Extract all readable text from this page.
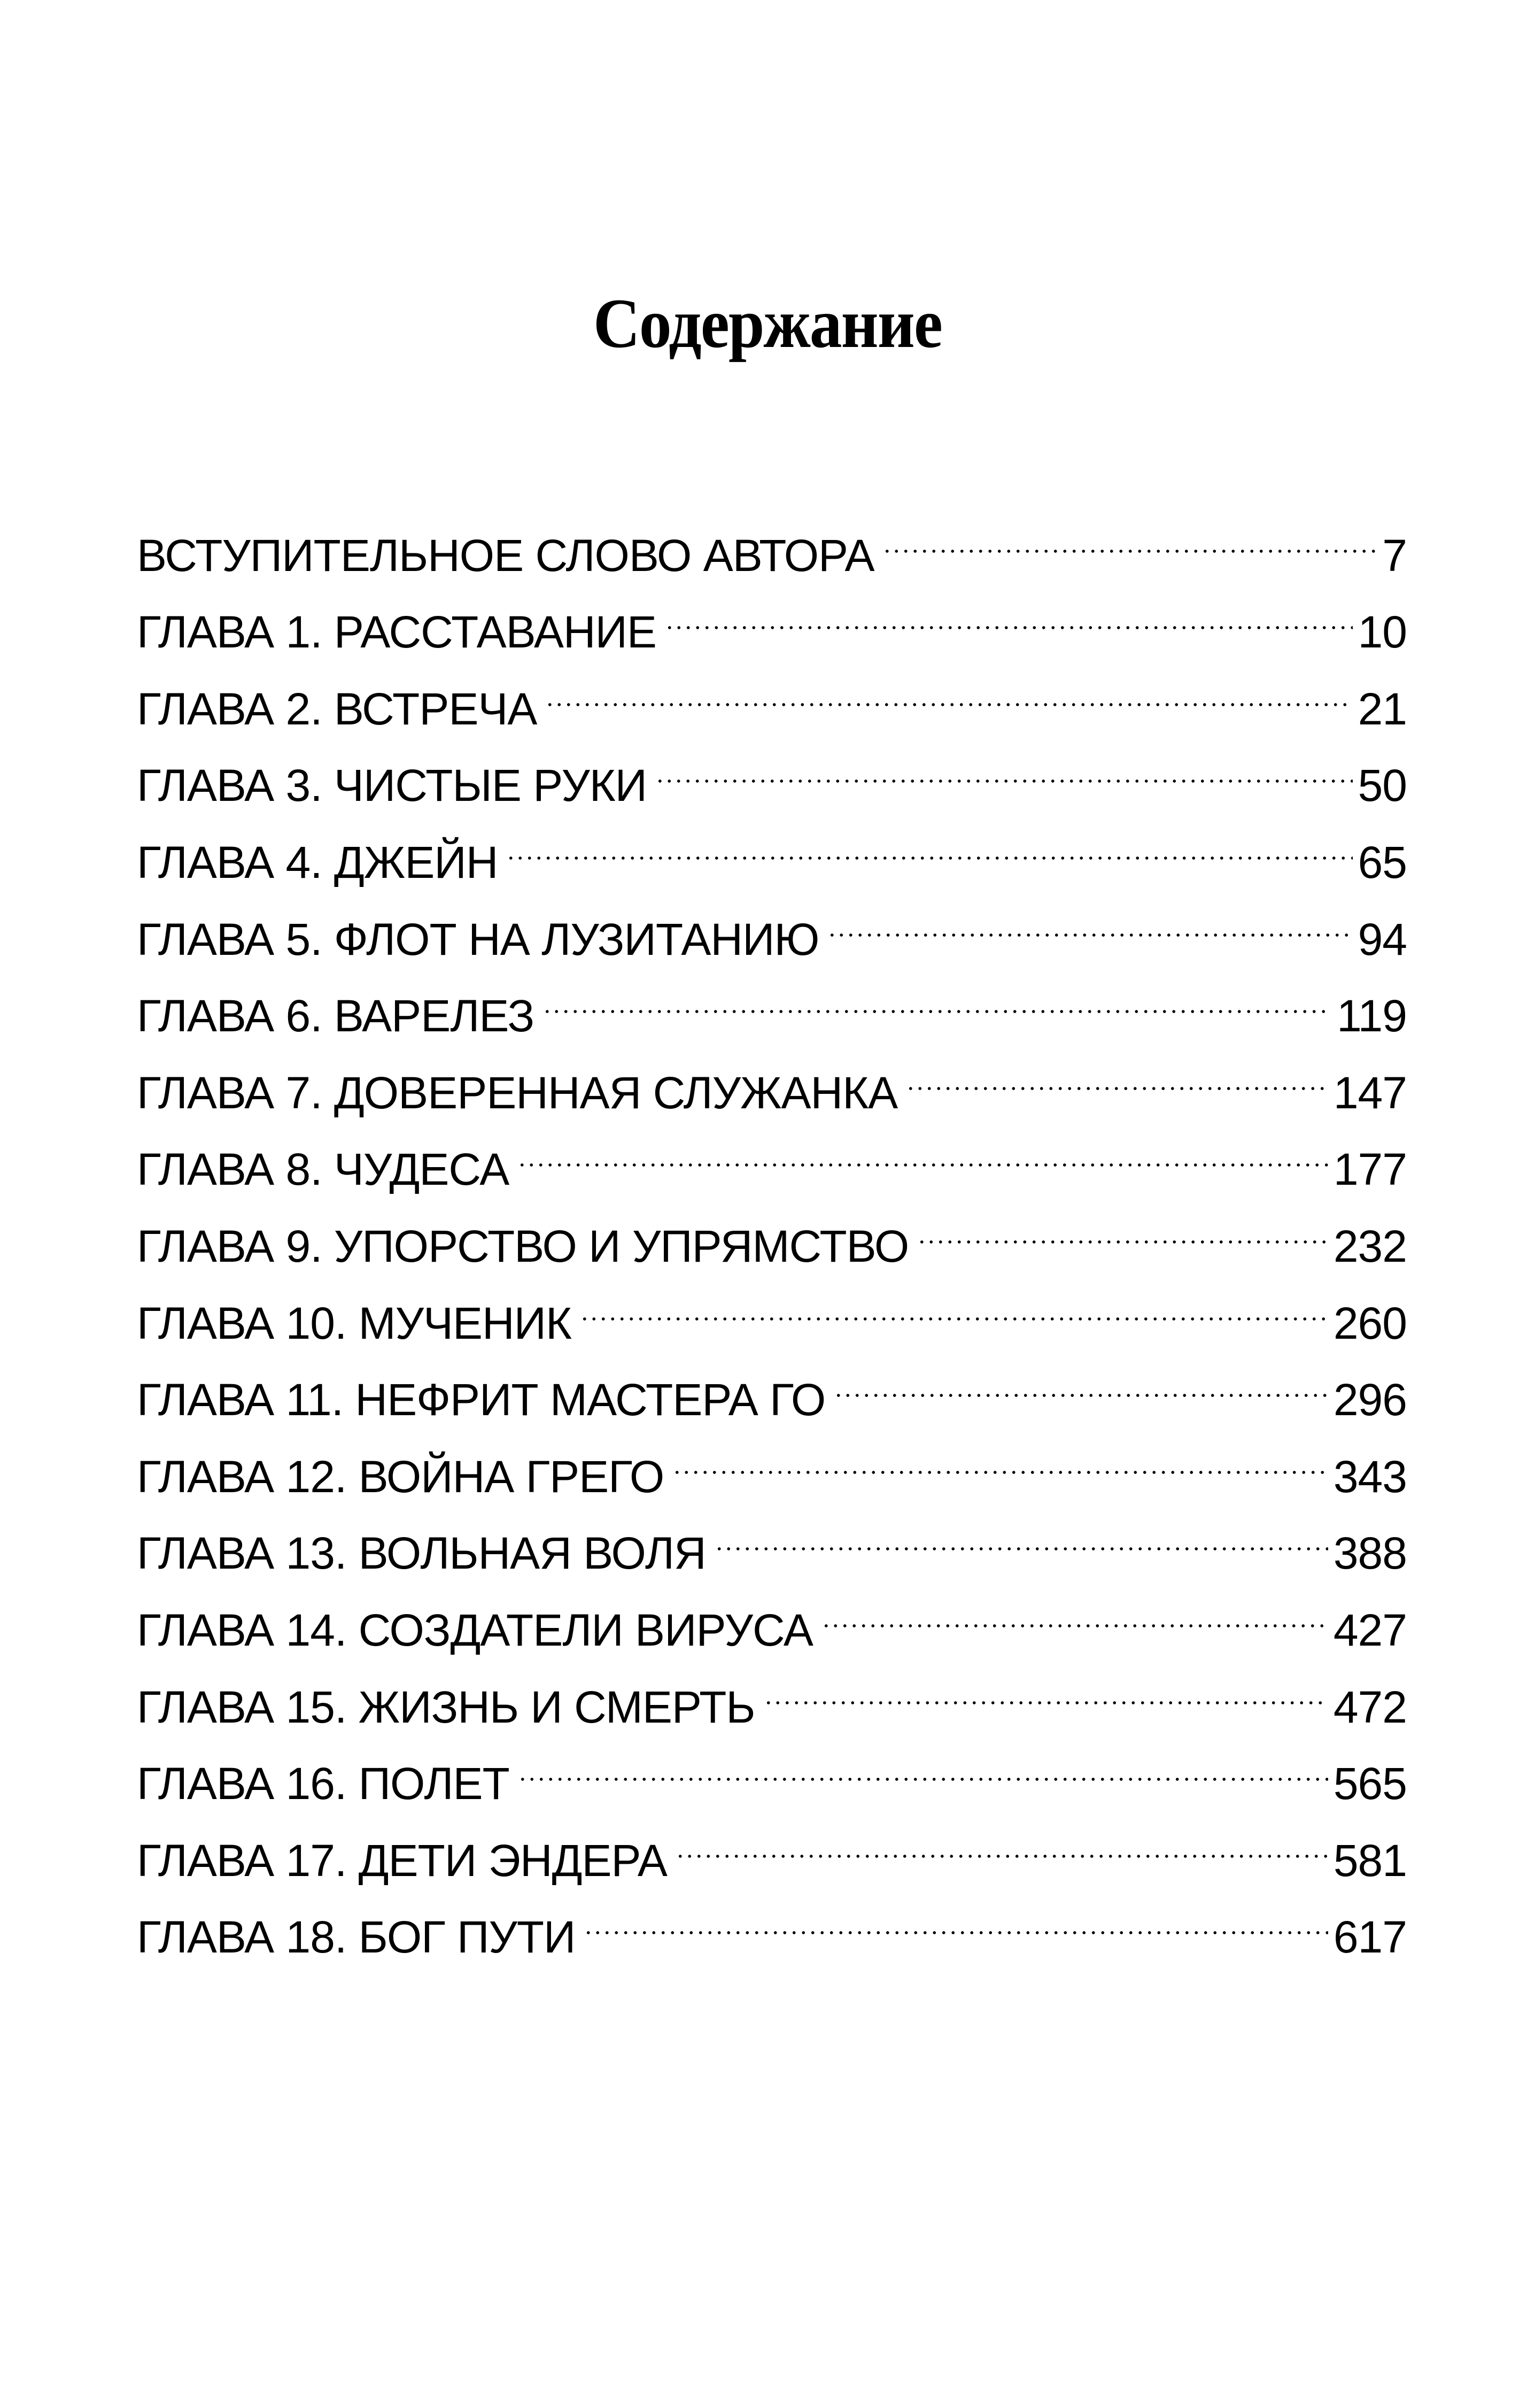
Содержание
ВСТУПИТЕЛЬНОЕ СЛОВО АВТОРА	7
ГЛАВА 1. РАССТАВАНИЕ	10
ГЛАВА 2. ВСТРЕЧА	21
ГЛАВА 3. ЧИСТЫЕ РУКИ	50
ГЛАВА 4. ДЖЕЙН	65
ГЛАВА 5. ФЛОТ НА ЛУЗИТАНИЮ	94
ГЛАВА 6. ВАРЕЛЕЗ	119
ГЛАВА 7. ДОВЕРЕННАЯ СЛУЖАНКА	147
ГЛАВА 8. ЧУДЕСА	177
ГЛАВА 9. УПОРСТВО И УПРЯМСТВО	232
ГЛАВА 10. МУЧЕНИК	260
ГЛАВА 11. НЕФРИТ МАСТЕРА ГО	296
ГЛАВА 12. ВОЙНА ГРЕГО	343
ГЛАВА 13. ВОЛЬНАЯ ВОЛЯ	388
ГЛАВА 14. СОЗДАТЕЛИ ВИРУСА	427
ГЛАВА 15. ЖИЗНЬ И СМЕРТЬ	472
ГЛАВА 16. ПОЛЕТ	565
ГЛАВА 17. ДЕТИ ЭНДЕРА	581
ГЛАВА 18. БОГ ПУТИ	617
